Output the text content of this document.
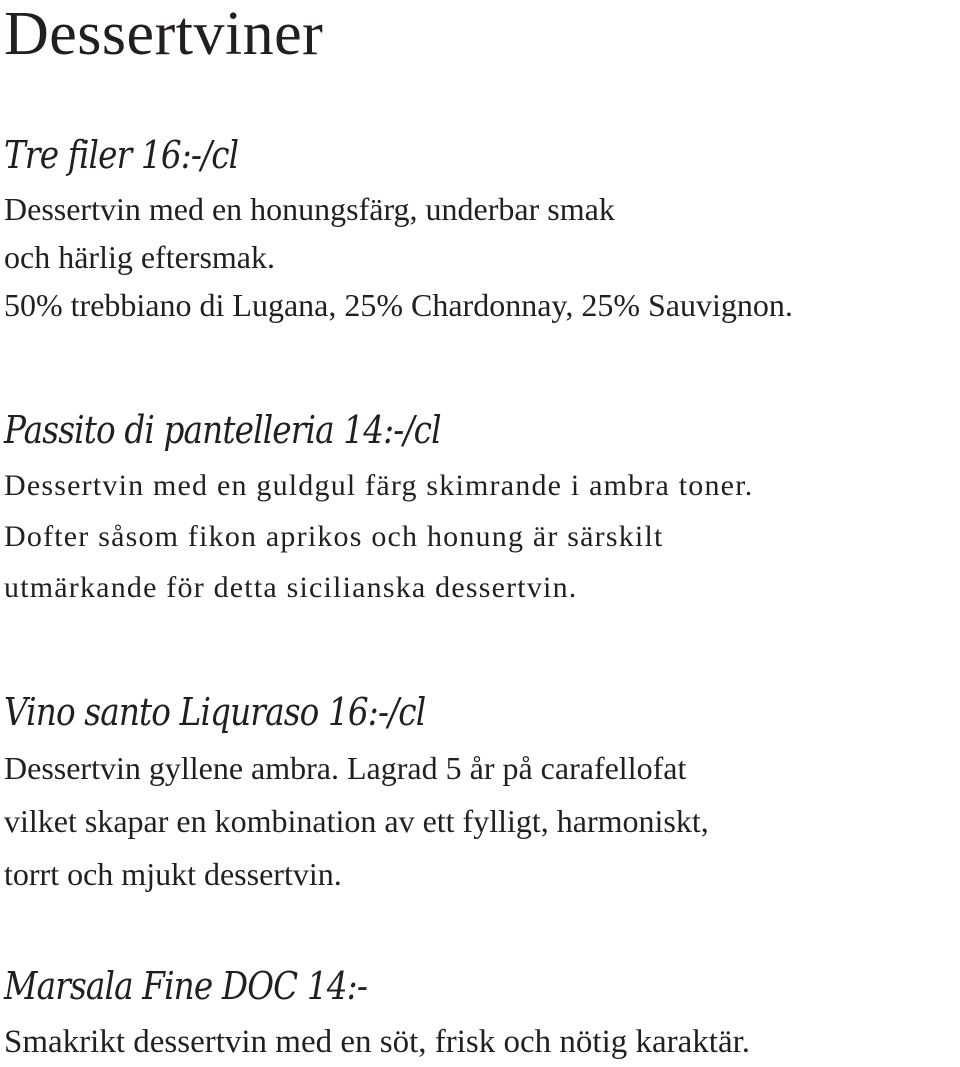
Dessertviner
Tre filer 16:-/cl

Dessertvin med en honungsfärg, underbar smak

och härlig eftersmak.

50% trebbiano di Lugana, 25% Chardonnay, 25% Sauvignon.

Passito di pantelleria 14:-/cl

Dessertvin med en guldgul färg skimrande i ambra toner.

Dofter såsom fikon aprikos och honung är särskilt

utmärkande för detta sicilianska dessertvin.

Vino santo Liquraso 16:-/cl

Dessertvin gyllene ambra. Lagrad 5 år på carafellofat

vilket skapar en kombination av ett fylligt, harmoniskt,

torrt och mjukt dessertvin.

Marsala Fine DOC 14:-

Smakrikt dessertvin med en söt, frisk och nötig karaktär.
